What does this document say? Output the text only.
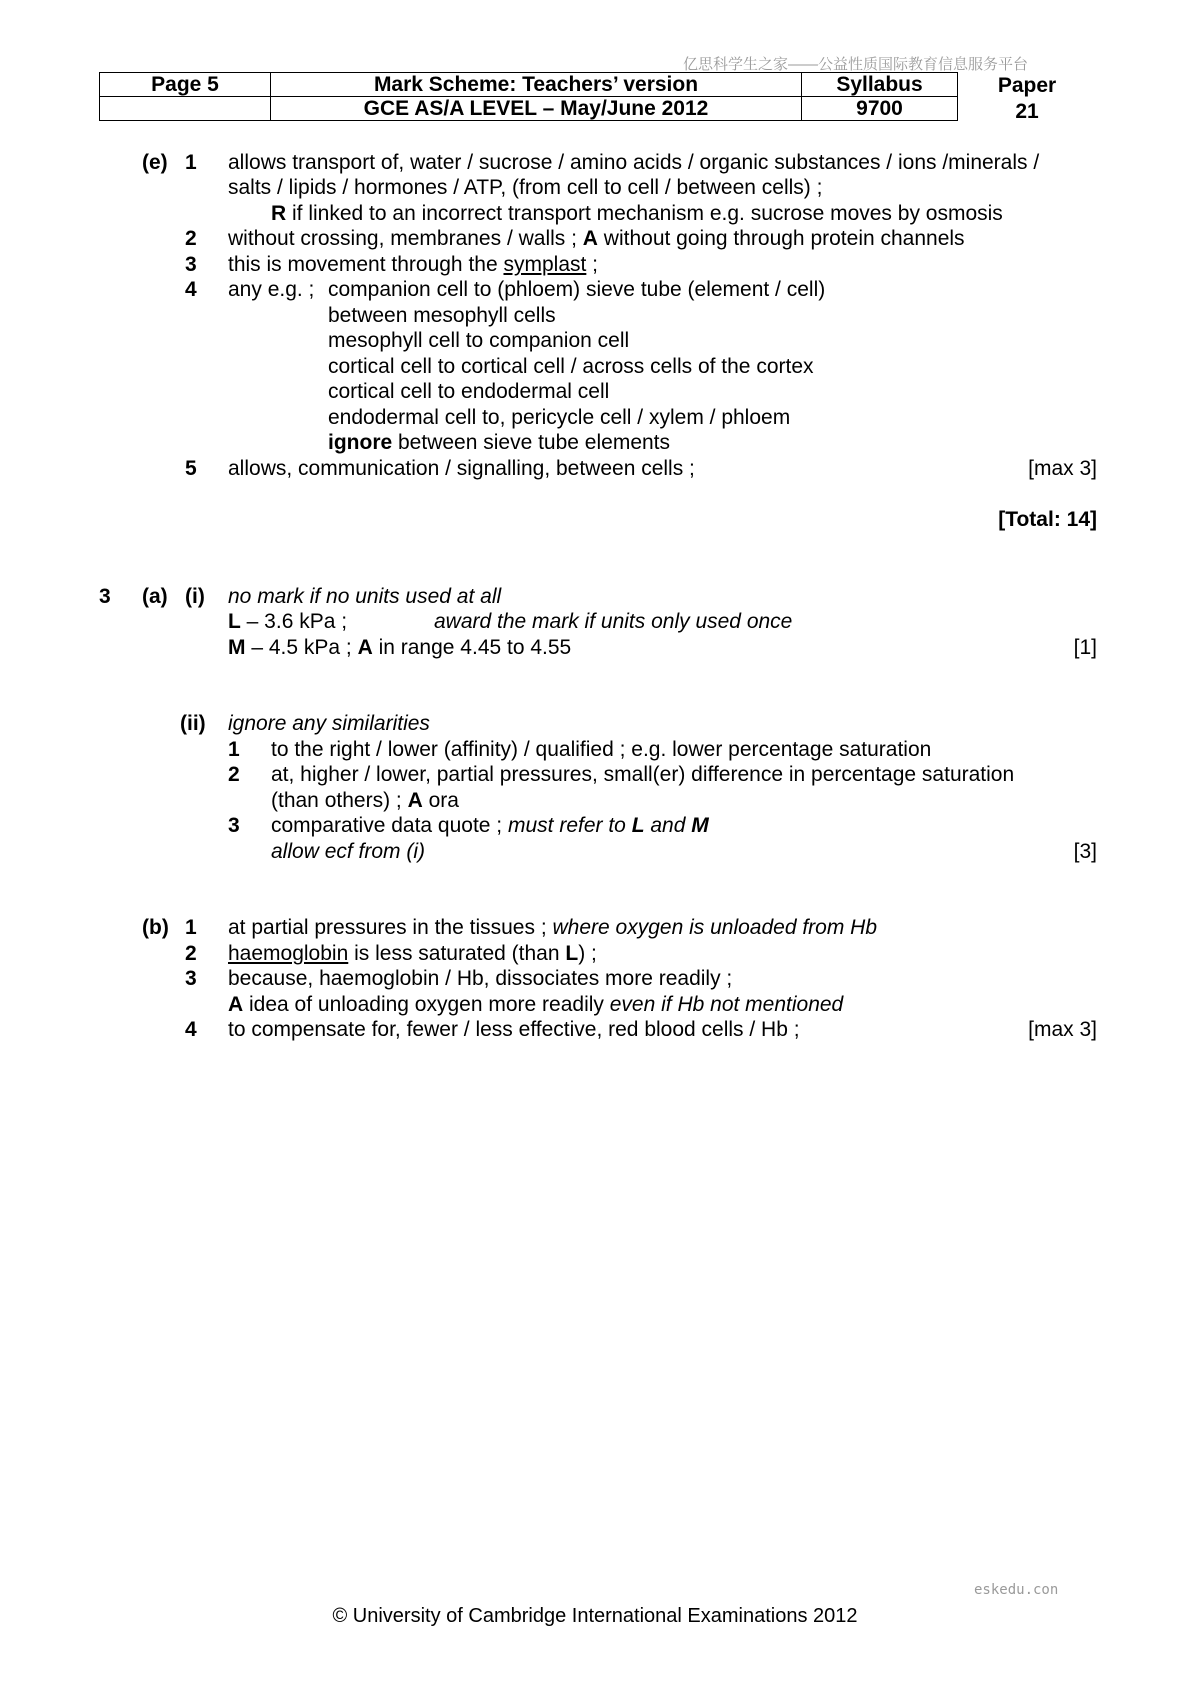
亿思科学生之家——公益性质国际教育信息服务平台
Page 5	Mark Scheme: Teachers’ version	Syllabus
	GCE AS/A LEVEL – May/June 2012	9700
Paper
21
(e) 1 allows transport of, water / sucrose / amino acids / organic substances / ions /minerals /
salts / lipids / hormones / ATP, (from cell to cell / between cells) ;
R if linked to an incorrect transport mechanism e.g. sucrose moves by osmosis
2 without crossing, membranes / walls ; A without going through protein channels
3 this is movement through the symplast ;
4 any e.g. ; companion cell to (phloem) sieve tube (element / cell)
between mesophyll cells
mesophyll cell to companion cell
cortical cell to cortical cell / across cells of the cortex
cortical cell to endodermal cell
endodermal cell to, pericycle cell / xylem / phloem
ignore between sieve tube elements
5 allows, communication / signalling, between cells ;	[max 3]
[Total: 14]
3 (a) (i) no mark if no units used at all
L – 3.6 kPa ;	award the mark if units only used once
M – 4.5 kPa ; A in range 4.45 to 4.55	[1]
(ii) ignore any similarities
1 to the right / lower (affinity) / qualified ; e.g. lower percentage saturation
2 at, higher / lower, partial pressures, small(er) difference in percentage saturation
(than others) ; A ora
3 comparative data quote ; must refer to L and M
allow ecf from (i)	[3]
(b) 1 at partial pressures in the tissues ; where oxygen is unloaded from Hb
2 haemoglobin is less saturated (than L) ;
3 because, haemoglobin / Hb, dissociates more readily ;
A idea of unloading oxygen more readily even if Hb not mentioned
4 to compensate for, fewer / less effective, red blood cells / Hb ;	[max 3]
eskedu.con
© University of Cambridge International Examinations 2012
